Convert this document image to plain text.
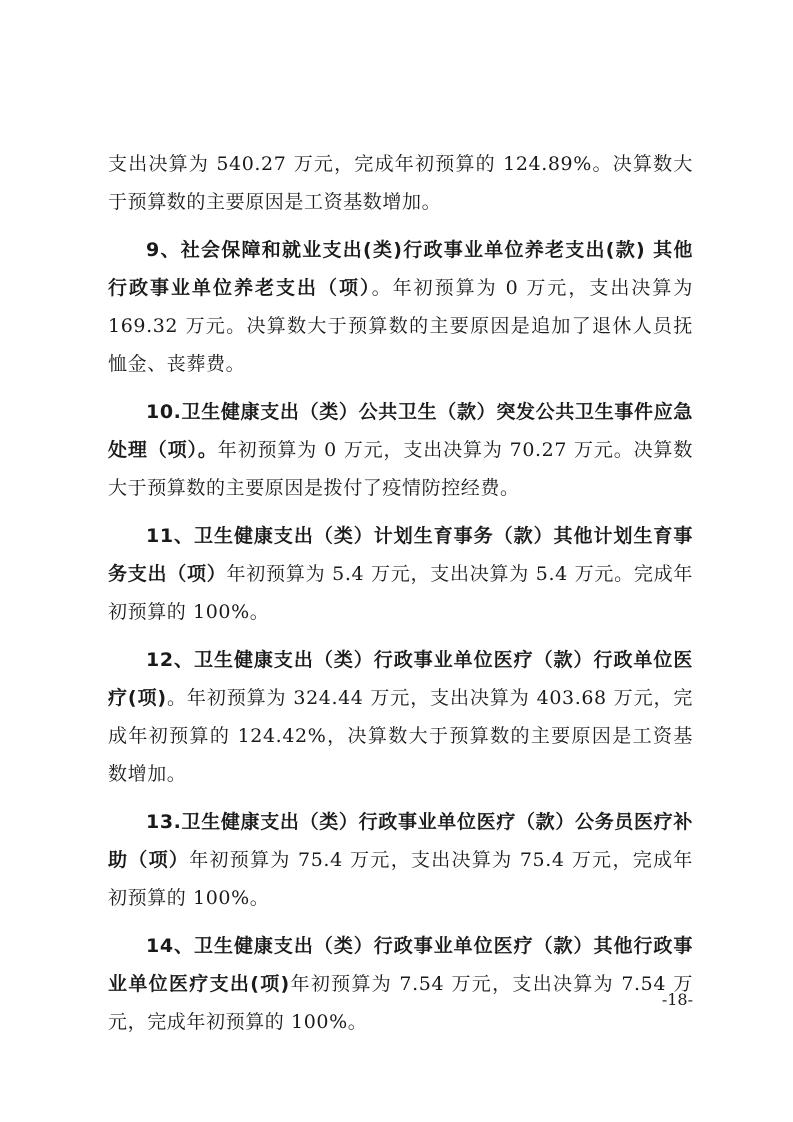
支出决算为 540.27 万元，完成年初预算的 124.89%。决算数大于预算数的主要原因是工资基数增加。

9、社会保障和就业支出(类)行政事业单位养老支出(款) 其他行政事业单位养老支出（项）。年初预算为 0 万元，支出决算为 169.32 万元。决算数大于预算数的主要原因是追加了退休人员抚恤金、丧葬费。

10.卫生健康支出（类）公共卫生（款）突发公共卫生事件应急处理（项）。年初预算为 0 万元，支出决算为 70.27 万元。决算数大于预算数的主要原因是拨付了疫情防控经费。

11、卫生健康支出（类）计划生育事务（款）其他计划生育事务支出（项）年初预算为 5.4 万元，支出决算为 5.4 万元。完成年初预算的 100%。

12、卫生健康支出（类）行政事业单位医疗（款）行政单位医疗(项)。年初预算为 324.44 万元，支出决算为 403.68 万元，完成年初预算的 124.42%，决算数大于预算数的主要原因是工资基数增加。

13.卫生健康支出（类）行政事业单位医疗（款）公务员医疗补助（项）年初预算为 75.4 万元，支出决算为 75.4 万元，完成年初预算的 100%。

14、卫生健康支出（类）行政事业单位医疗（款）其他行政事业单位医疗支出(项)年初预算为 7.54 万元，支出决算为 7.54 万元，完成年初预算的 100%。

-18-
